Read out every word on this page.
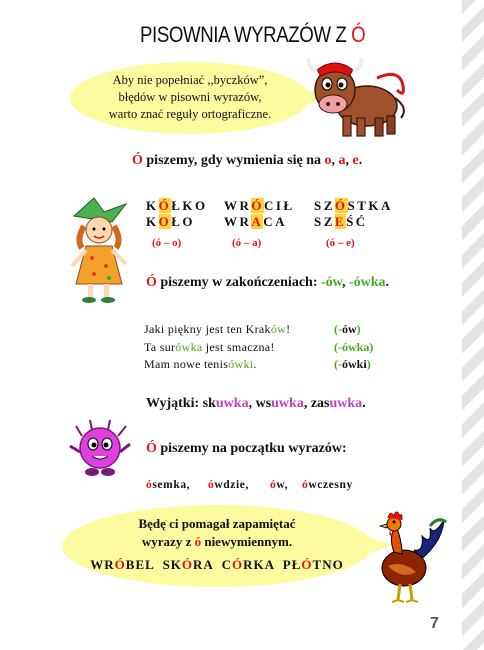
PISOWNIA WYRAZÓW Z Ó
Aby nie popełniać ,,byczków”,
błędów w pisowni wyrazów,
warto znać reguły ortograficzne.
Ó piszemy, gdy wymienia się na o, a, e.
KÓŁKO
KOŁO
WRÓCIŁ
WRACA
SZÓSTKA
SZEŚĆ
(ó – o)	(ó – a)	(ó – e)
Ó piszemy w zakończeniach: -ów, -ówka.
Jaki piękny jest ten Kraków!
Ta surówka jest smaczna!
Mam nowe tenisówki.
(-ów)
(-ówka)
(-ówki)
Wyjątki: skuwka, wsuwka, zasuwka.
Ó piszemy na początku wyrazów:
ósemka, ówdzie, ów, ówczesny
Będę ci pomagał zapamiętać
wyrazy z ó niewymiennym.
WRÓBEL  SKÓRA  CÓRKA  PŁÓTNO
7
